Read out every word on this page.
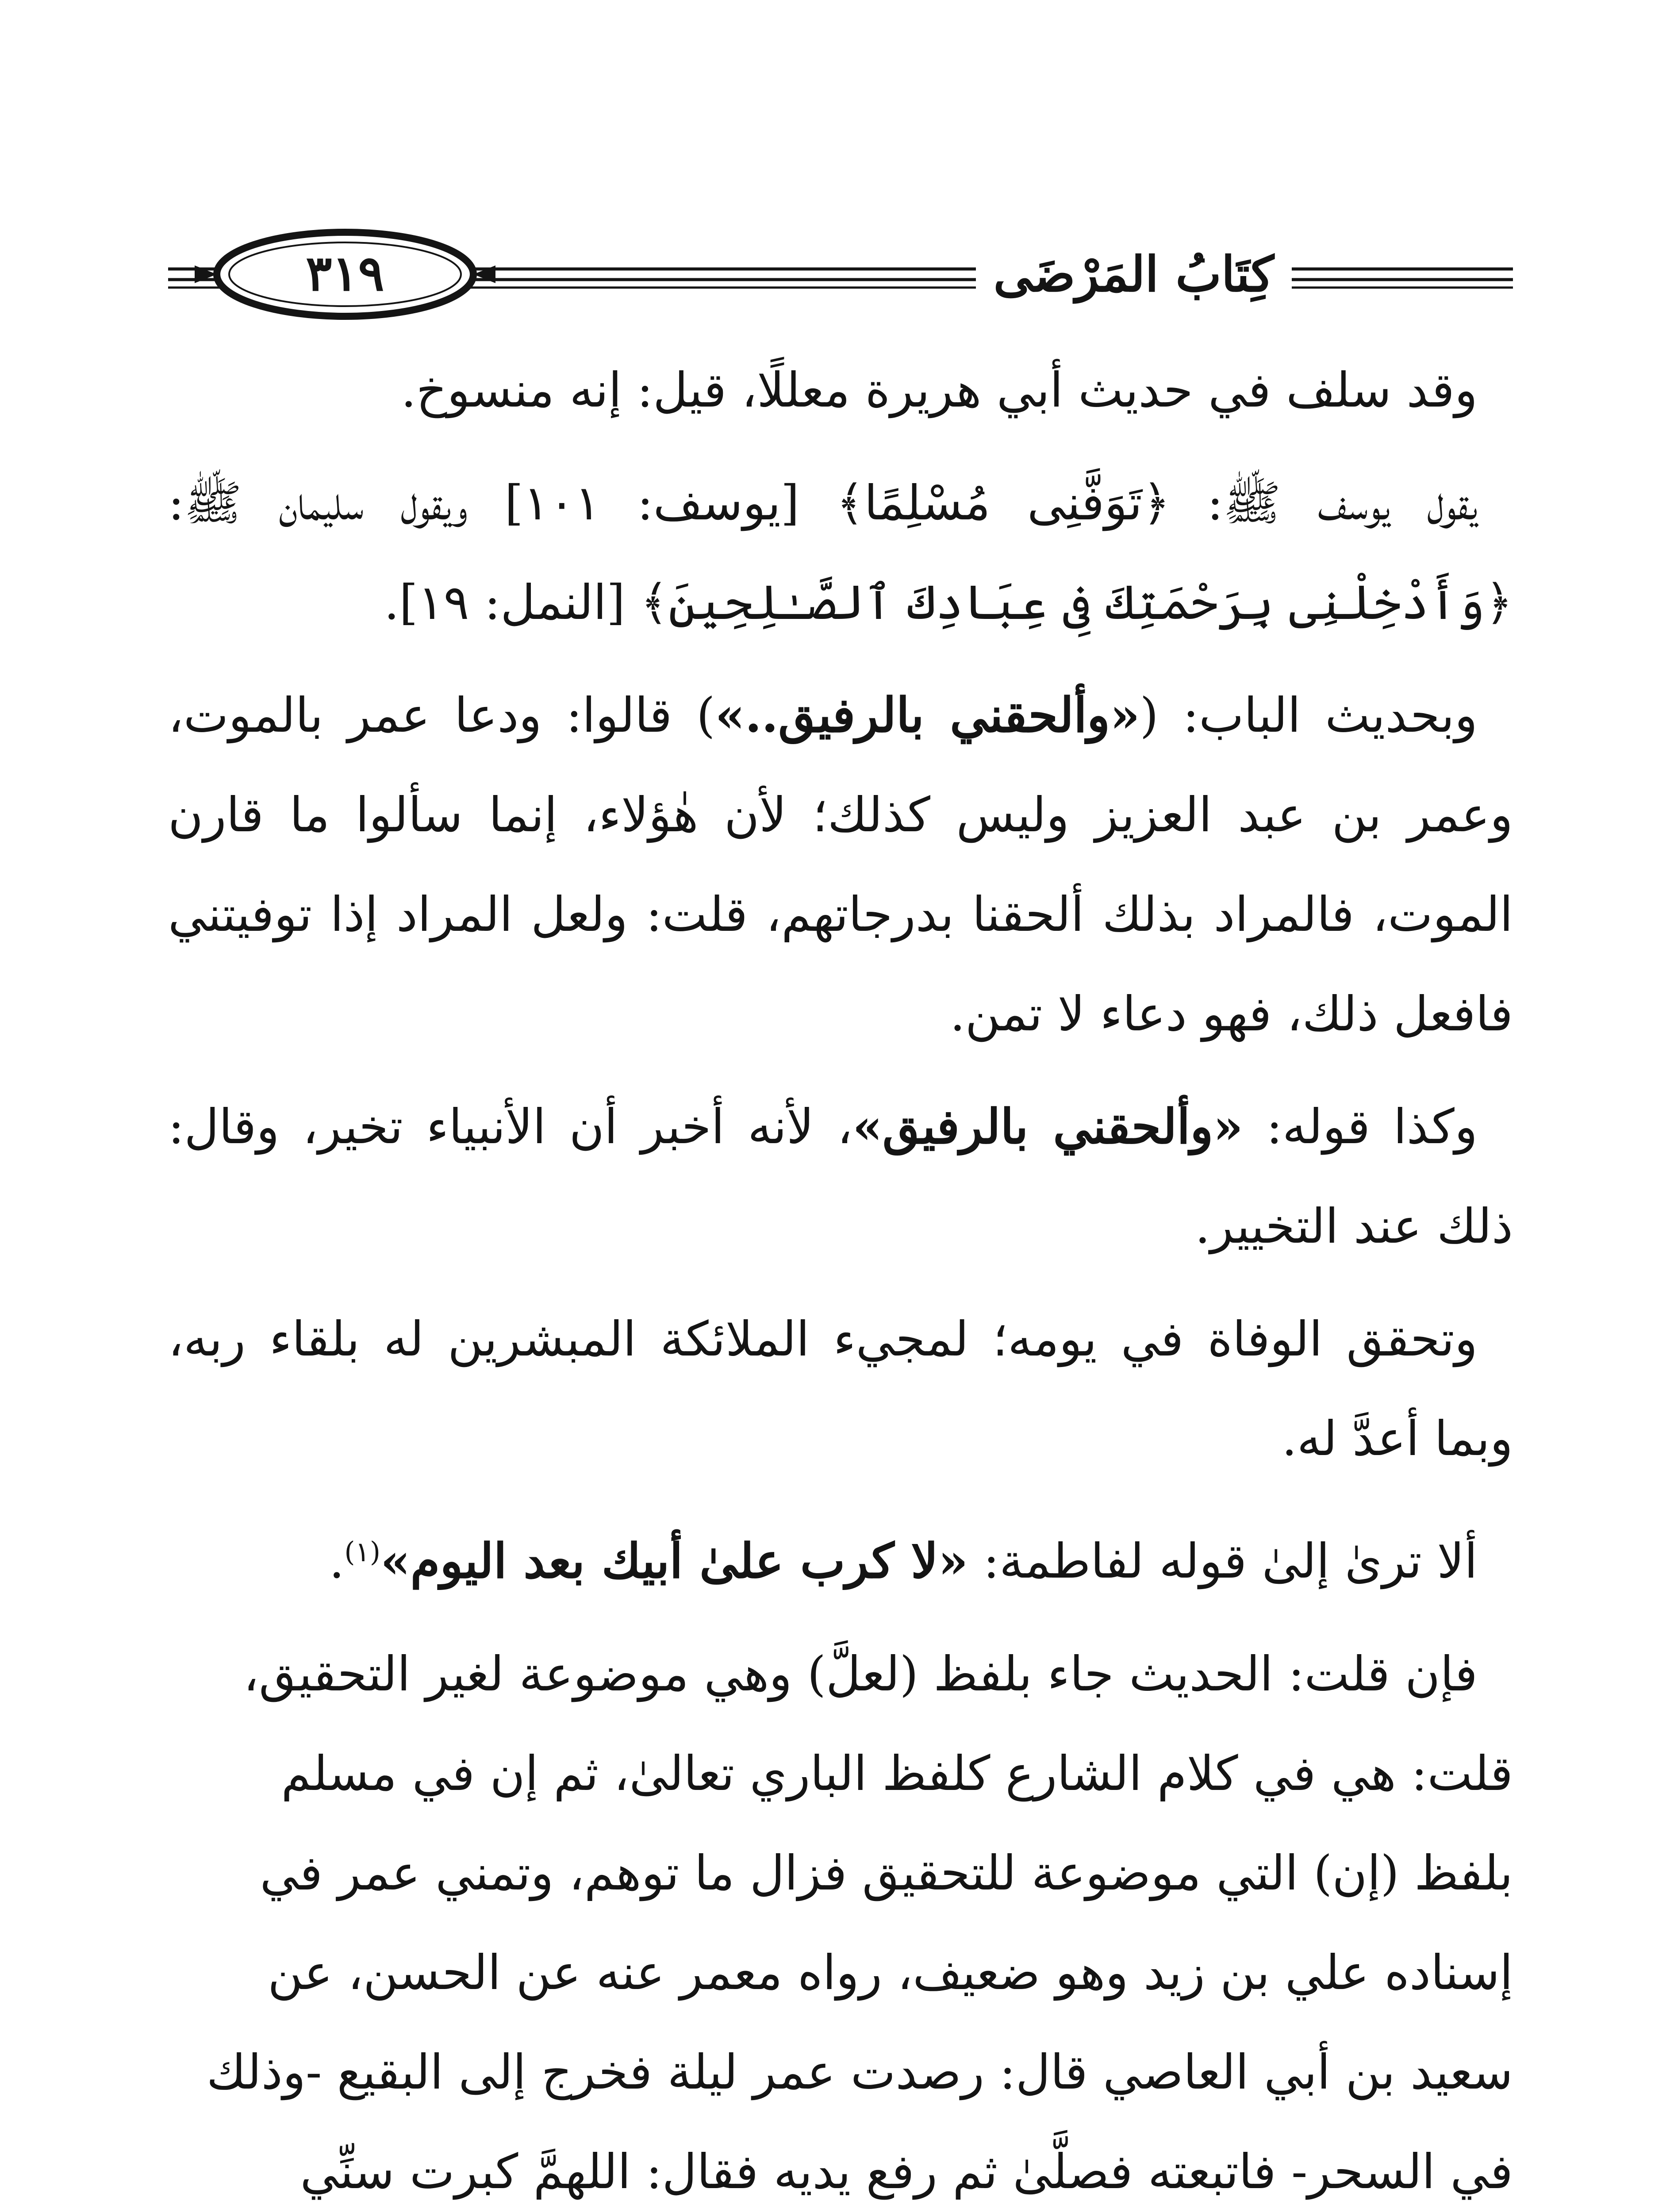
٣١٩	كِتَابُ المَرْضَى

وقد سلف في حديث أبي هريرة معللًا، قيل: إنه منسوخ.

يقول يوسف ﷺ: ﴿تَوَفَّنِى مُسْلِمًا﴾ [يوسف: ١٠١] ويقول سليمان ﷺ: ﴿وَأَدْخِلْنِى بِرَحْمَتِكَ فِى عِبَادِكَ ٱلصَّـٰلِحِينَ﴾ [النمل: ١٩].

وبحديث الباب: («وألحقني بالرفيق..») قالوا: ودعا عمر بالموت، وعمر بن عبد العزيز وليس كذلك؛ لأن هٰؤلاء، إنما سألوا ما قارن الموت، فالمراد بذلك ألحقنا بدرجاتهم، قلت: ولعل المراد إذا توفيتني فافعل ذلك، فهو دعاء لا تمن.

وكذا قوله: «وألحقني بالرفيق»، لأنه أخبر أن الأنبياء تخير، وقال: ذلك عند التخيير.

وتحقق الوفاة في يومه؛ لمجيء الملائكة المبشرين له بلقاء ربه، وبما أعدَّ له.

ألا ترىٰ إلىٰ قوله لفاطمة: «لا كرب علىٰ أبيك بعد اليوم»$^{(١)}$.

فإن قلت: الحديث جاء بلفظ (لعلَّ) وهي موضوعة لغير التحقيق، قلت: هي في كلام الشارع كلفظ الباري تعالىٰ، ثم إن في مسلم بلفظ (إن) التي موضوعة للتحقيق فزال ما توهم، وتمني عمر في إسناده علي بن زيد وهو ضعيف، رواه معمر عنه عن الحسن، عن سعيد بن أبي العاصي قال: رصدت عمر ليلة فخرج إلى البقيع -وذلك في السحر- فاتبعته فصلَّىٰ ثم رفع يديه فقال: اللهمَّ كبرت سنِّي
